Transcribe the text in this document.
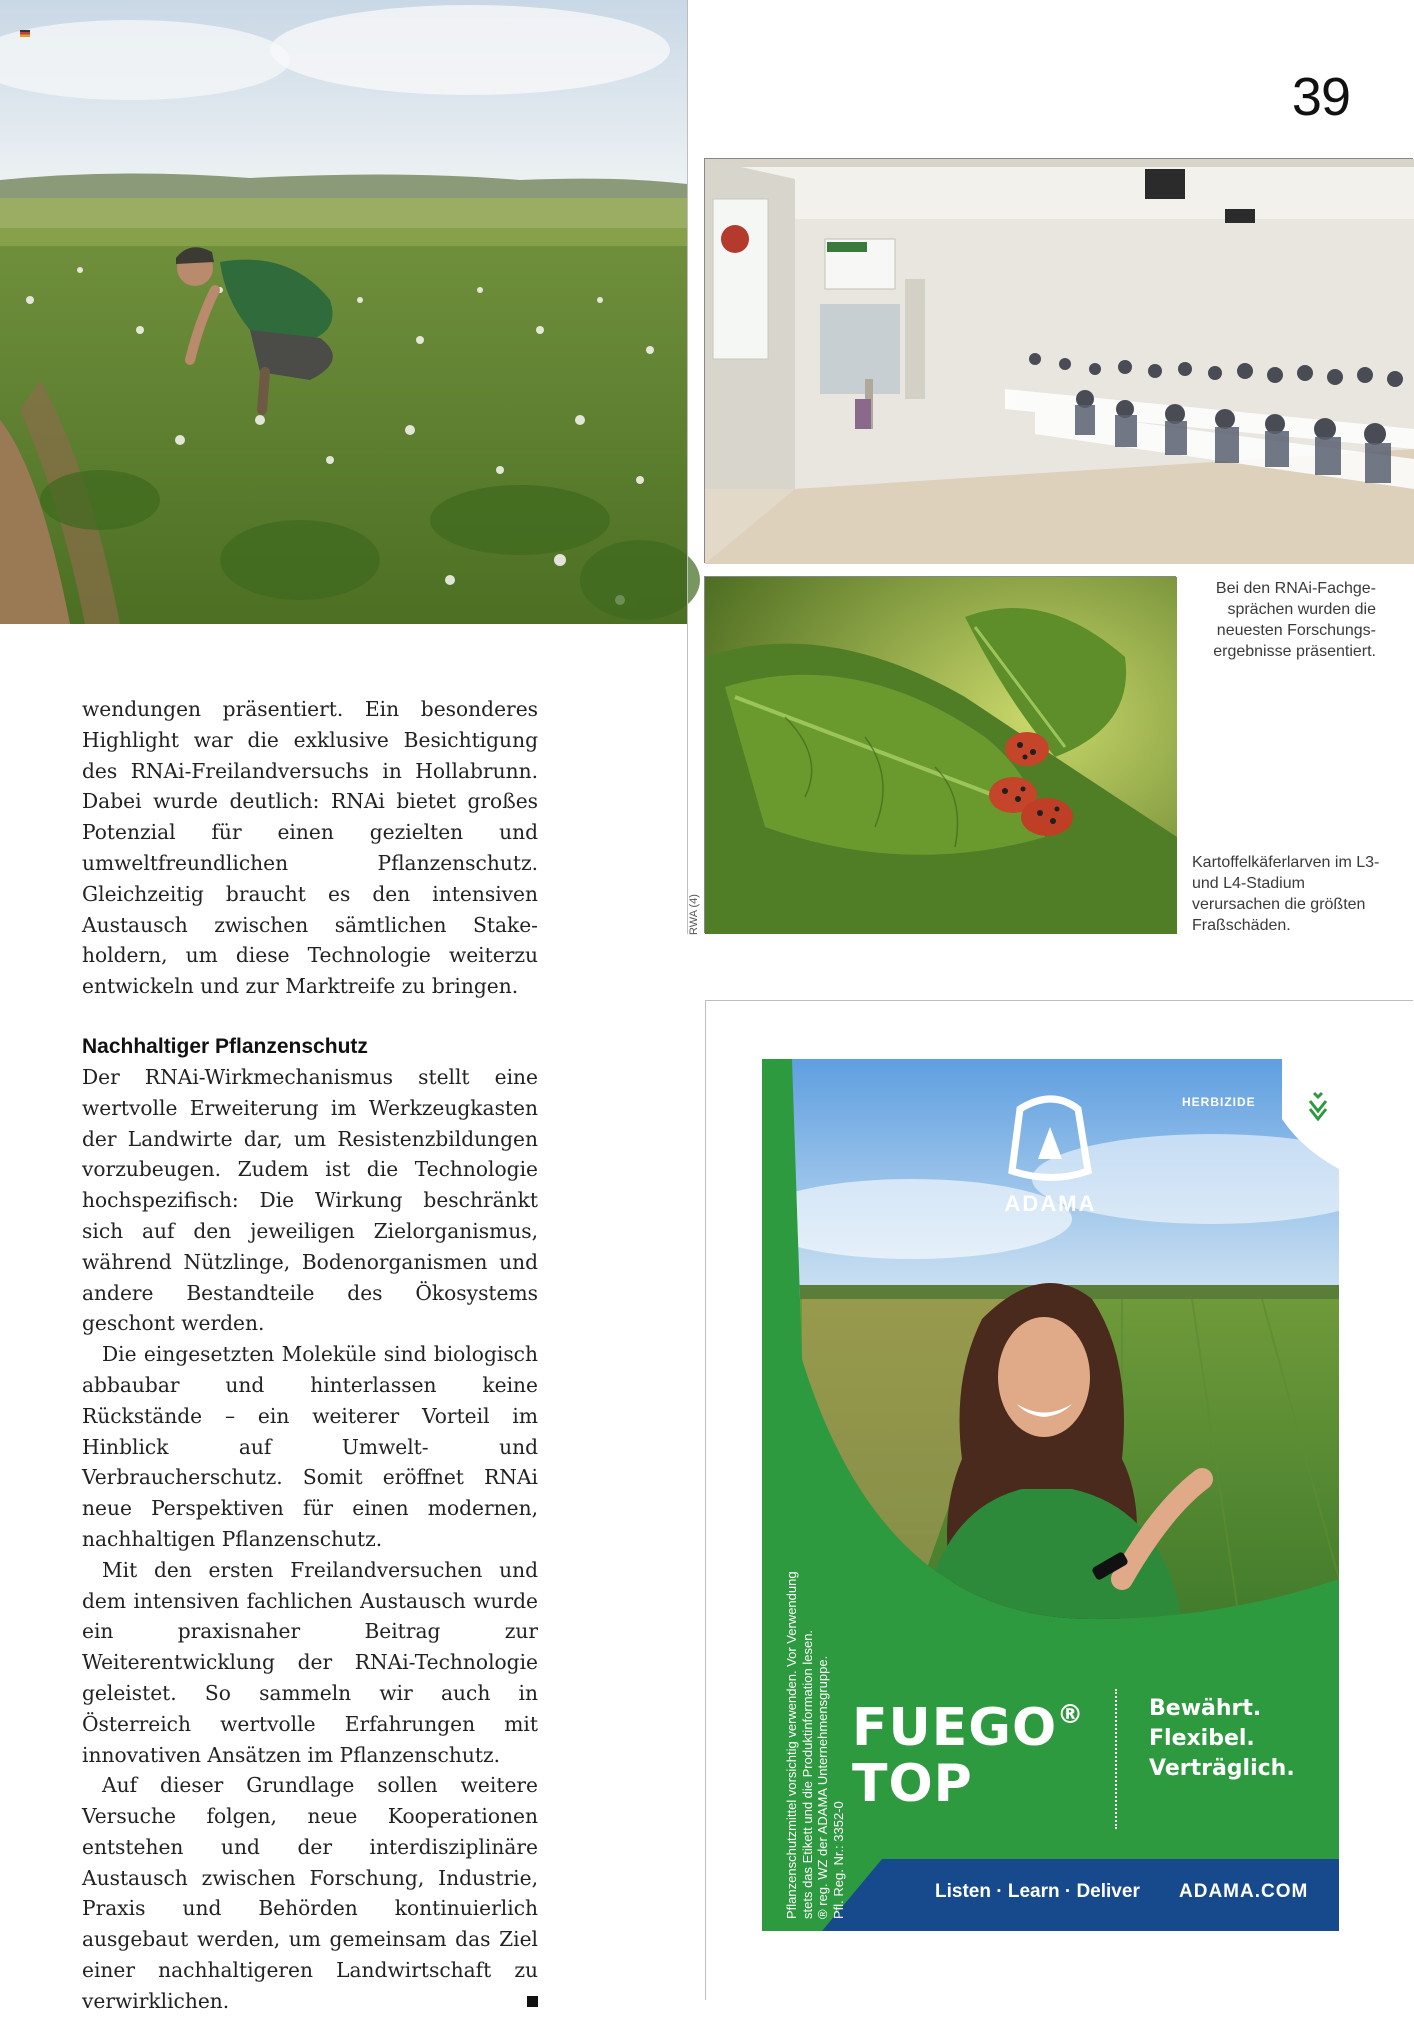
39
Bei den RNAi-Fachge-sprächen wurden die neuesten Forschungs-ergebnisse präsentiert.
Kartoffelkäferlarven im L3- und L4-Stadium verursachen die größten Fraßschäden.
RWA (4)

wendungen präsentiert. Ein besonderes Highlight war die exklusive Besichtigung des RNAi-Freilandversuchs in Hollabrunn. Dabei wurde deutlich: RNAi bietet großes Potenzial für einen gezielten und umweltfreundlichen Pflanzenschutz. Gleichzeitig braucht es den intensiven Austausch zwischen sämtlichen Stakeholdern, um diese Technologie weiterzu entwickeln und zur Marktreife zu bringen.

Nachhaltiger Pflanzenschutz

Der RNAi-Wirkmechanismus stellt eine wertvolle Erweiterung im Werkzeugkasten der Landwirte dar, um Resistenzbildungen vorzubeugen. Zudem ist die Technologie hochspezifisch: Die Wirkung beschränkt sich auf den jeweiligen Zielorganismus, während Nützlinge, Bodenorganismen und andere Bestandteile des Ökosystems geschont werden.

Die eingesetzten Moleküle sind biologisch abbaubar und hinterlassen keine Rückstände – ein weiterer Vorteil im Hinblick auf Umwelt- und Verbraucherschutz. Somit eröffnet RNAi neue Perspektiven für einen modernen, nachhaltigen Pflanzenschutz.

Mit den ersten Freilandversuchen und dem intensiven fachlichen Austausch wurde ein praxisnaher Beitrag zur Weiterentwicklung der RNAi-Technologie geleistet. So sammeln wir auch in Österreich wertvolle Erfahrungen mit innovativen Ansätzen im Pflanzenschutz.

Auf dieser Grundlage sollen weitere Versuche folgen, neue Kooperationen entstehen und der interdisziplinäre Austausch zwischen Forschung, Industrie, Praxis und Behörden kontinuierlich ausgebaut werden, um gemeinsam das Ziel einer nachhaltigeren Landwirtschaft zu verwirklichen.

HERBIZIDE
ADAMA
FUEGO®
TOP
Bewährt.
Flexibel.
Verträglich.
Listen · Learn · Deliver ADAMA.COM
Pflanzenschutzmittel vorsichtig verwenden. Vor Verwendung stets das Etikett und die Produktinformation lesen. ® reg. WZ der ADAMA Unternehmensgruppe. Pfl. Reg. Nr.: 3352-0
